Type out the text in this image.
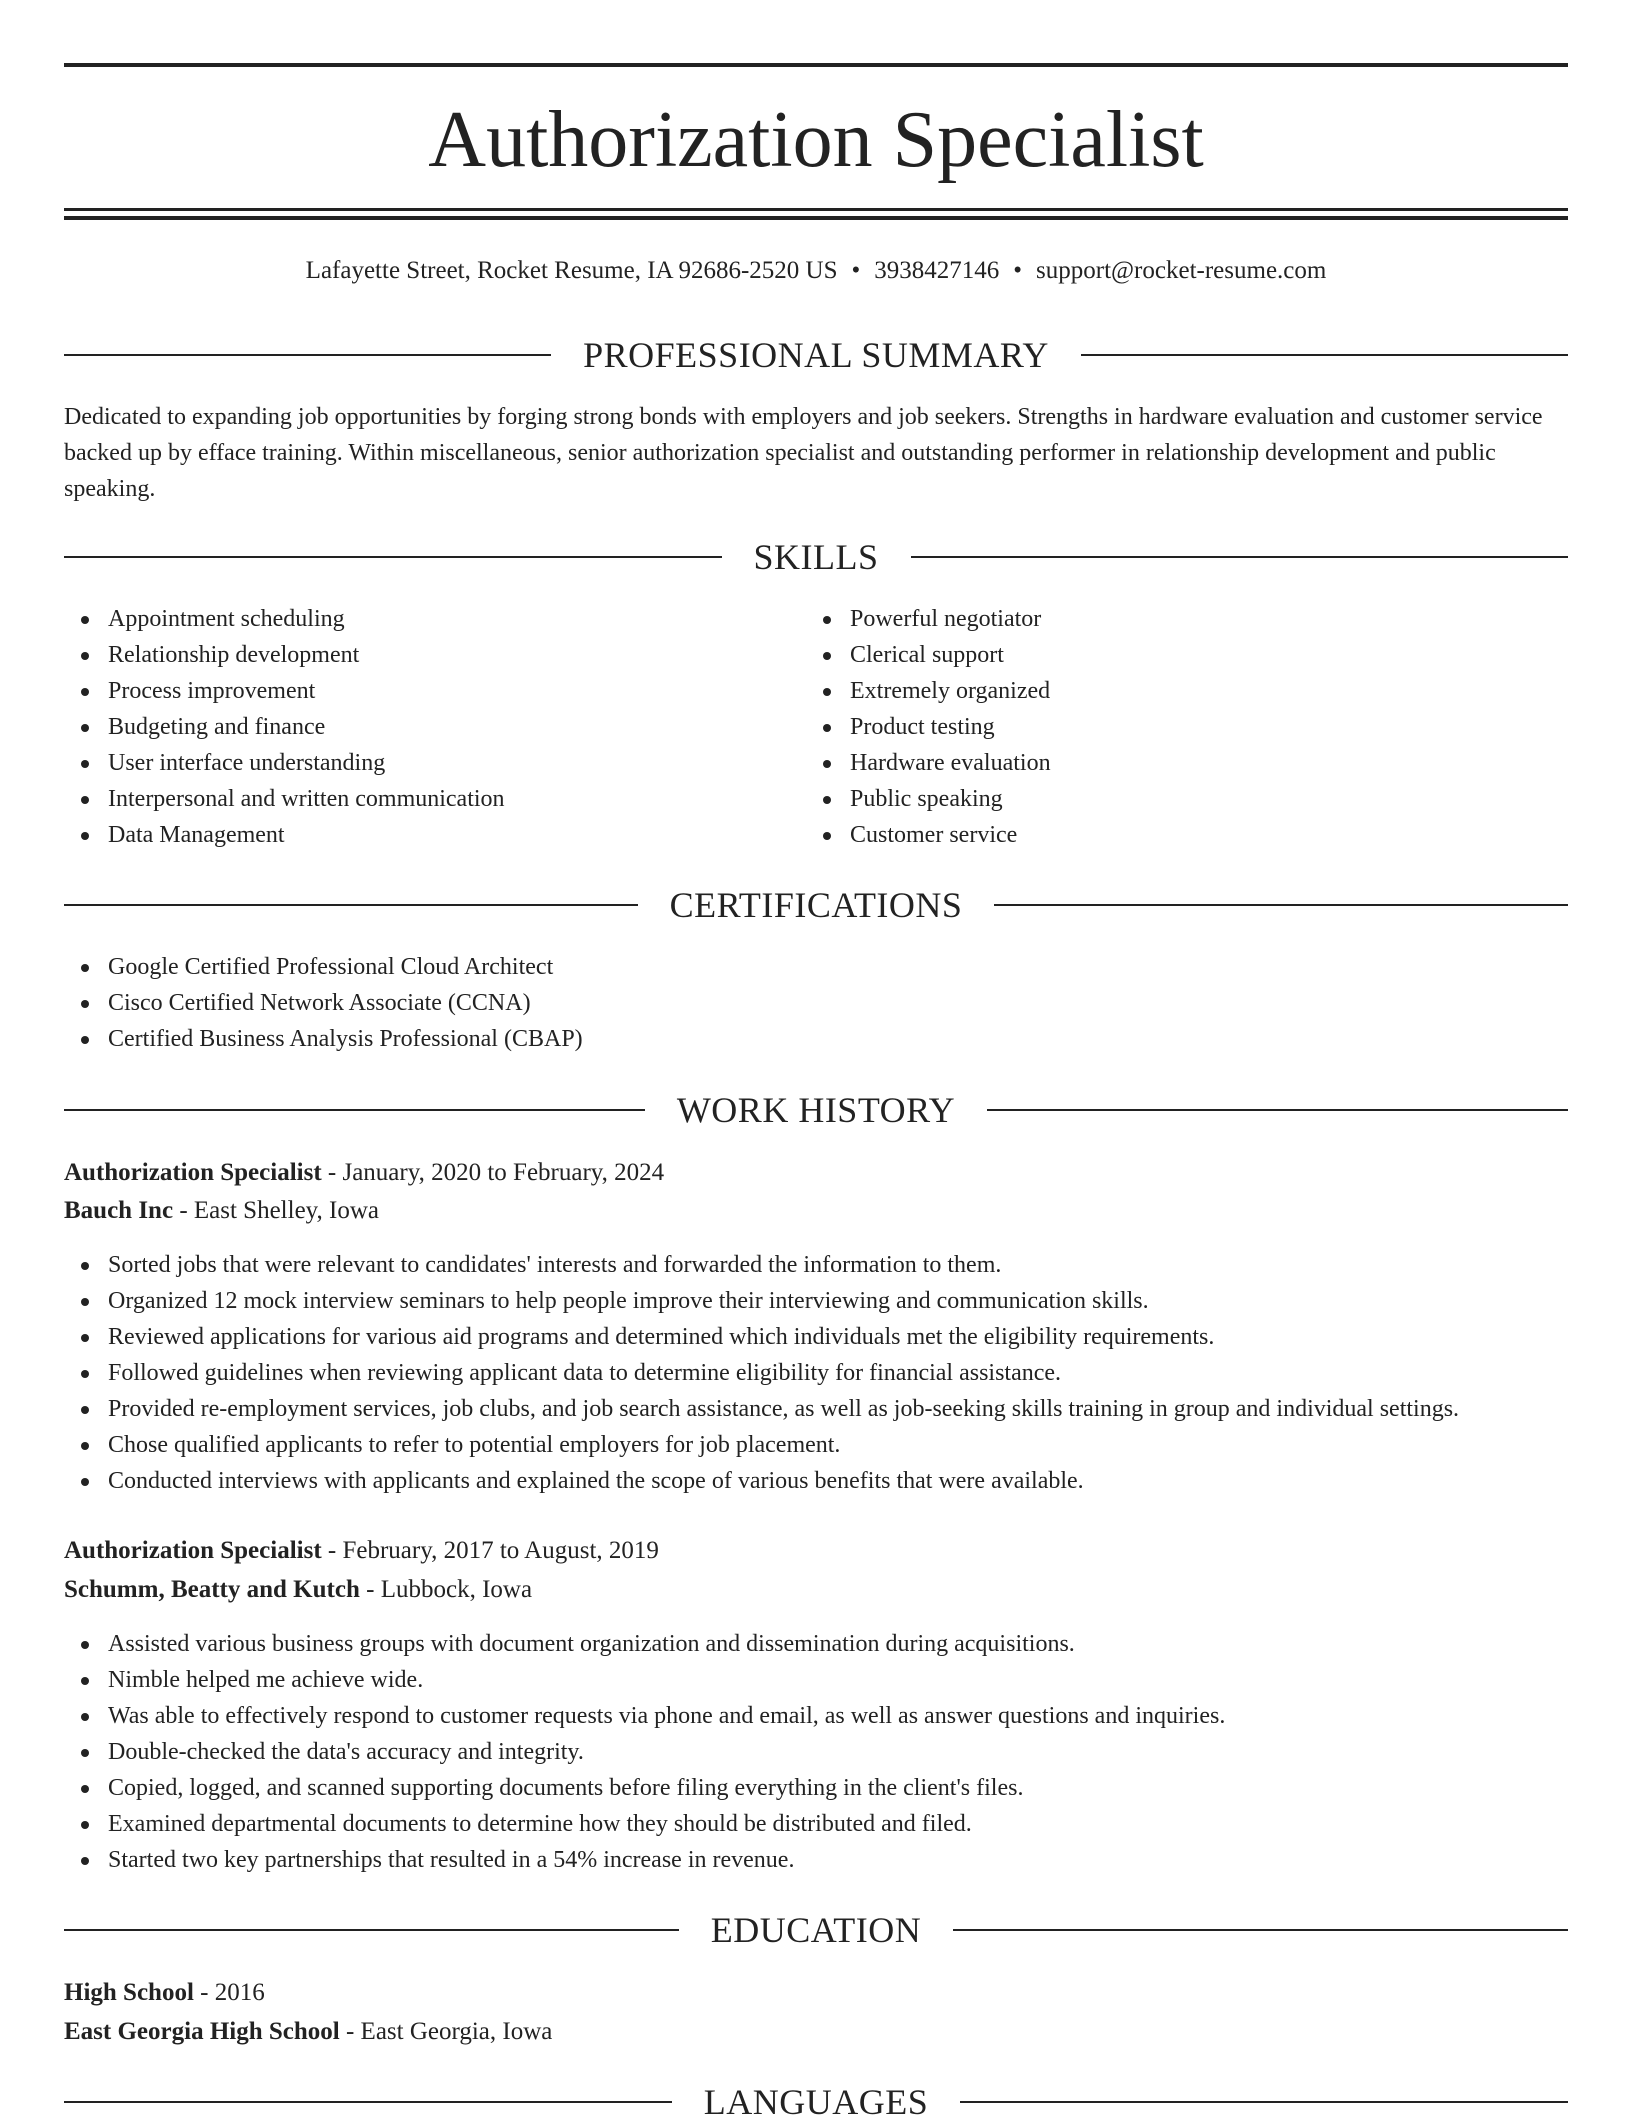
Authorization Specialist
Lafayette Street, Rocket Resume, IA 92686-2520 US • 3938427146 • support@rocket-resume.com
PROFESSIONAL SUMMARY
Dedicated to expanding job opportunities by forging strong bonds with employers and job seekers. Strengths in hardware evaluation and customer service backed up by efface training. Within miscellaneous, senior authorization specialist and outstanding performer in relationship development and public speaking.
SKILLS
Appointment scheduling
Relationship development
Process improvement
Budgeting and finance
User interface understanding
Interpersonal and written communication
Data Management
Powerful negotiator
Clerical support
Extremely organized
Product testing
Hardware evaluation
Public speaking
Customer service
CERTIFICATIONS
Google Certified Professional Cloud Architect
Cisco Certified Network Associate (CCNA)
Certified Business Analysis Professional (CBAP)
WORK HISTORY
Authorization Specialist - January, 2020 to February, 2024
Bauch Inc - East Shelley, Iowa
Sorted jobs that were relevant to candidates' interests and forwarded the information to them.
Organized 12 mock interview seminars to help people improve their interviewing and communication skills.
Reviewed applications for various aid programs and determined which individuals met the eligibility requirements.
Followed guidelines when reviewing applicant data to determine eligibility for financial assistance.
Provided re-employment services, job clubs, and job search assistance, as well as job-seeking skills training in group and individual settings.
Chose qualified applicants to refer to potential employers for job placement.
Conducted interviews with applicants and explained the scope of various benefits that were available.
Authorization Specialist - February, 2017 to August, 2019
Schumm, Beatty and Kutch - Lubbock, Iowa
Assisted various business groups with document organization and dissemination during acquisitions.
Nimble helped me achieve wide.
Was able to effectively respond to customer requests via phone and email, as well as answer questions and inquiries.
Double-checked the data's accuracy and integrity.
Copied, logged, and scanned supporting documents before filing everything in the client's files.
Examined departmental documents to determine how they should be distributed and filed.
Started two key partnerships that resulted in a 54% increase in revenue.
EDUCATION
High School - 2016
East Georgia High School - East Georgia, Iowa
LANGUAGES
